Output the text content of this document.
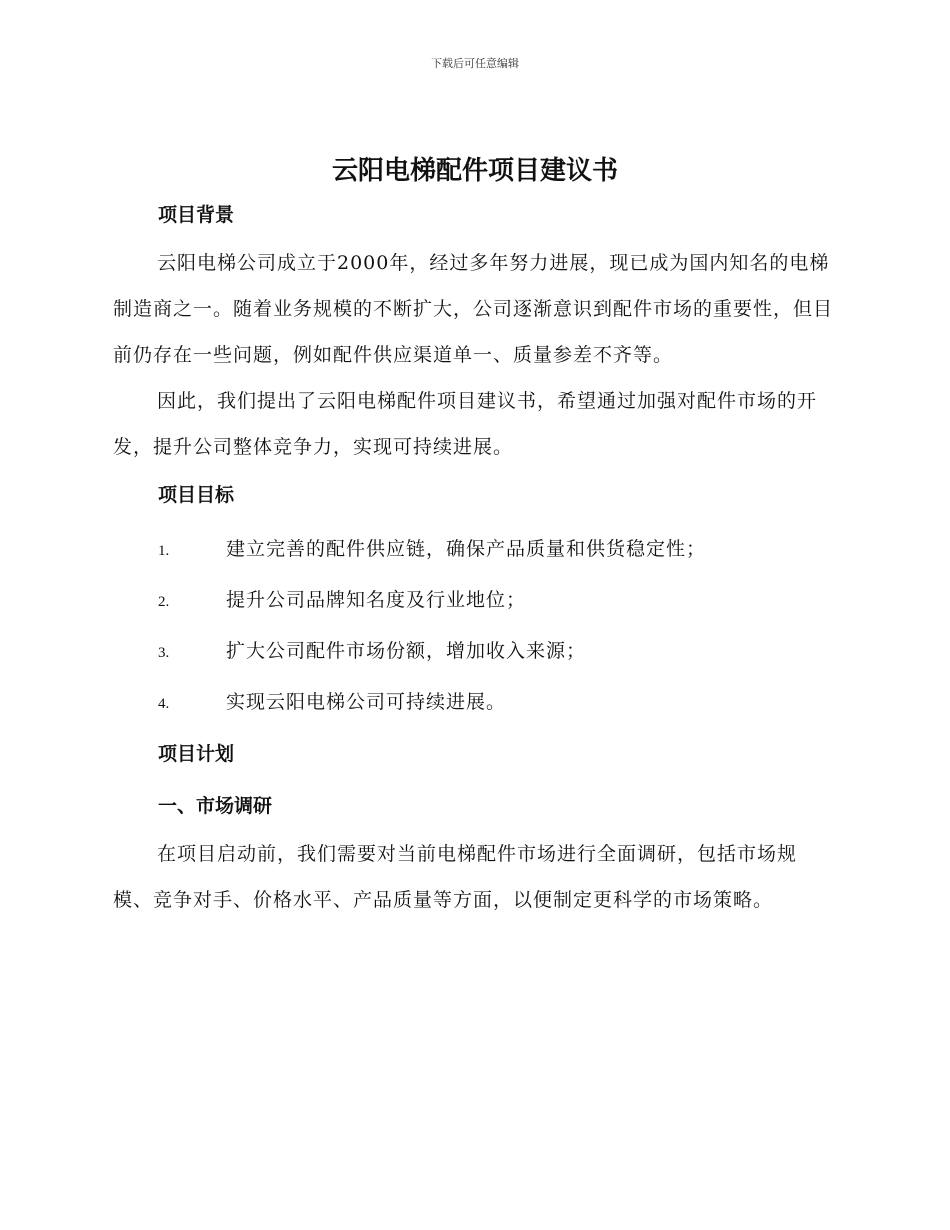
下载后可任意编辑
云阳电梯配件项目建议书

项目背景

云阳电梯公司成立于2000年，经过多年努力进展，现已成为国内知名的电梯制造商之一。随着业务规模的不断扩大，公司逐渐意识到配件市场的重要性，但目前仍存在一些问题，例如配件供应渠道单一、质量参差不齐等。

因此，我们提出了云阳电梯配件项目建议书，希望通过加强对配件市场的开发，提升公司整体竞争力，实现可持续进展。

项目目标

1.	建立完善的配件供应链，确保产品质量和供货稳定性；
2.	提升公司品牌知名度及行业地位；
3.	扩大公司配件市场份额，增加收入来源；
4.	实现云阳电梯公司可持续进展。

项目计划

一、市场调研

在项目启动前，我们需要对当前电梯配件市场进行全面调研，包括市场规模、竞争对手、价格水平、产品质量等方面，以便制定更科学的市场策略。
